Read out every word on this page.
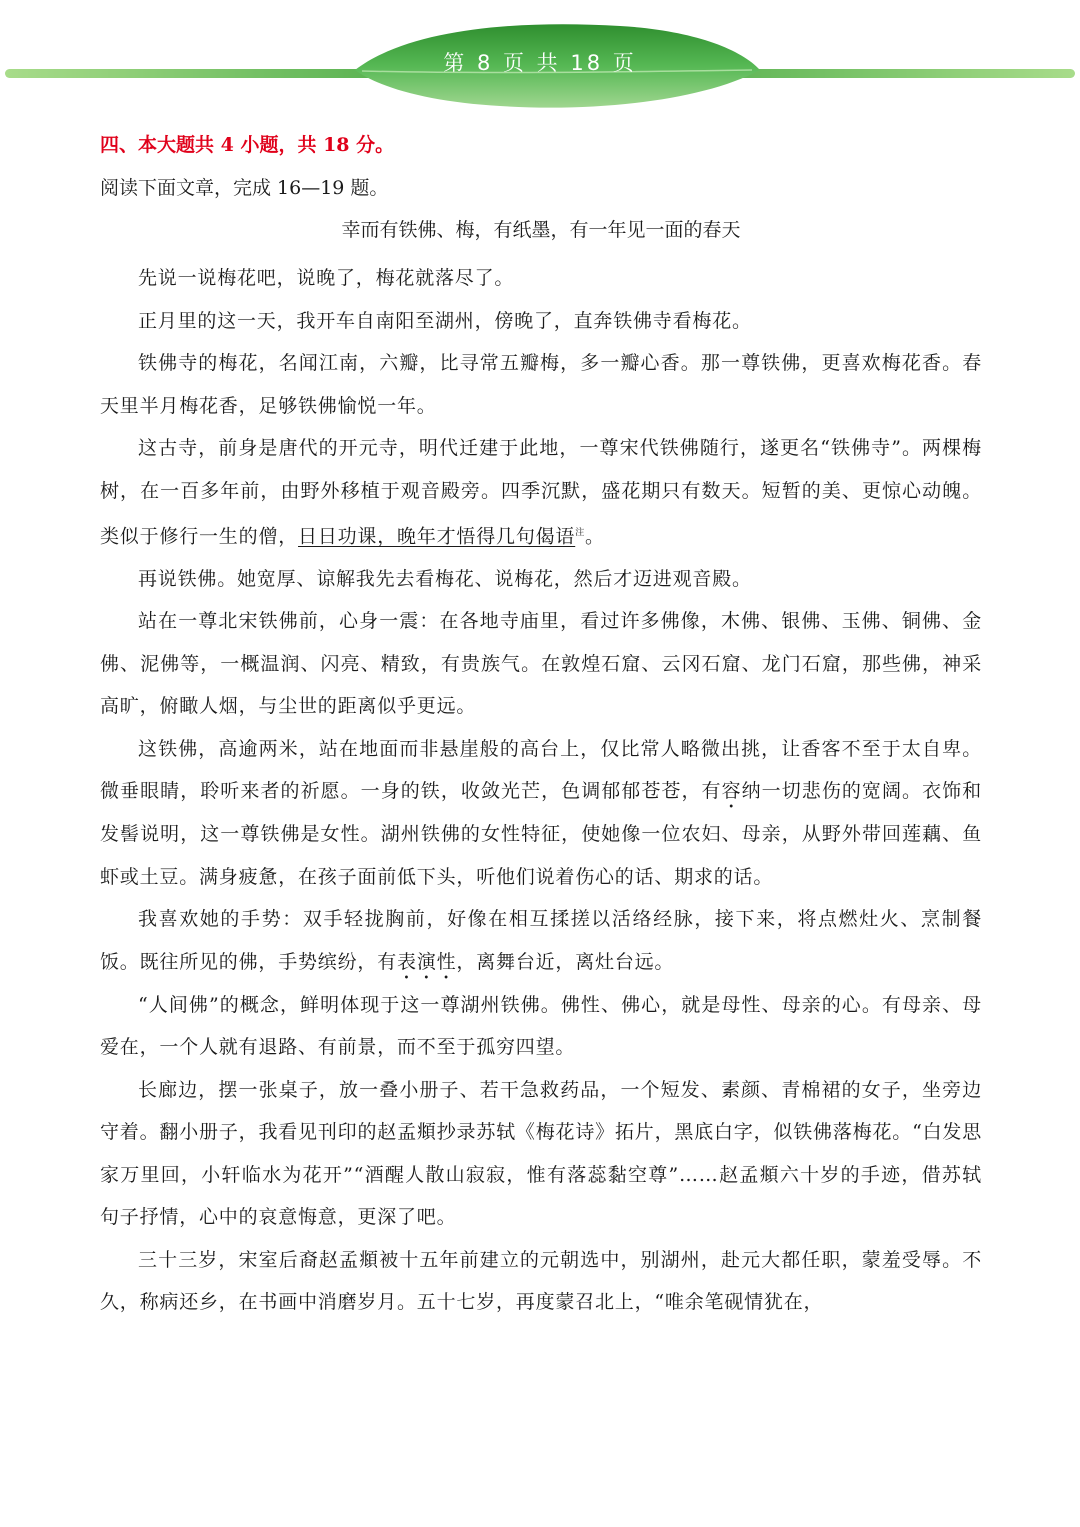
第 8 页 共 18 页

四、本大题共 4 小题，共 18 分。

阅读下面文章，完成 16—19 题。

幸而有铁佛、梅，有纸墨，有一年见一面的春天

先说一说梅花吧，说晚了，梅花就落尽了。

正月里的这一天，我开车自南阳至湖州，傍晚了，直奔铁佛寺看梅花。

铁佛寺的梅花，名闻江南，六瓣，比寻常五瓣梅，多一瓣心香。那一尊铁佛，更喜欢梅花香。春天里半月梅花香，足够铁佛愉悦一年。

这古寺，前身是唐代的开元寺，明代迁建于此地，一尊宋代铁佛随行，遂更名“铁佛寺”。两棵梅树，在一百多年前，由野外移植于观音殿旁。四季沉默，盛花期只有数天。短暂的美、更惊心动魄。类似于修行一生的僧，日日功课，晚年才悟得几句偈语$^注$。

再说铁佛。她宽厚、谅解我先去看梅花、说梅花，然后才迈进观音殿。

站在一尊北宋铁佛前，心身一震：在各地寺庙里，看过许多佛像，木佛、银佛、玉佛、铜佛、金佛、泥佛等，一概温润、闪亮、精致，有贵族气。在敦煌石窟、云冈石窟、龙门石窟，那些佛，神采高旷，俯瞰人烟，与尘世的距离似乎更远。

这铁佛，高逾两米，站在地面而非悬崖般的高台上，仅比常人略微出挑，让香客不至于太自卑。微垂眼睛，聆听来者的祈愿。一身的铁，收敛光芒，色调郁郁苍苍，有容纳一切悲伤的宽阔。衣饰和发髻说明，这一尊铁佛是女性。湖州铁佛的女性特征，使她像一位农妇、母亲，从野外带回莲藕、鱼虾或土豆。满身疲惫，在孩子面前低下头，听他们说着伤心的话、期求的话。

我喜欢她的手势：双手轻拢胸前，好像在相互揉搓以活络经脉，接下来，将点燃灶火、烹制餐饭。既往所见的佛，手势缤纷，有表演性，离舞台近，离灶台远。

“人间佛”的概念，鲜明体现于这一尊湖州铁佛。佛性、佛心，就是母性、母亲的心。有母亲、母爱在，一个人就有退路、有前景，而不至于孤穷四望。

长廊边，摆一张桌子，放一叠小册子、若干急救药品，一个短发、素颜、青棉裙的女子，坐旁边守着。翻小册子，我看见刊印的赵孟頫抄录苏轼《梅花诗》拓片，黑底白字，似铁佛落梅花。“白发思家万里回，小轩临水为花开”“酒醒人散山寂寂，惟有落蕊黏空尊”……赵孟頫六十岁的手迹，借苏轼句子抒情，心中的哀意悔意，更深了吧。

三十三岁，宋室后裔赵孟頫被十五年前建立的元朝选中，别湖州，赴元大都任职，蒙羞受辱。不久，称病还乡，在书画中消磨岁月。五十七岁，再度蒙召北上，“唯余笔砚情犹在，
